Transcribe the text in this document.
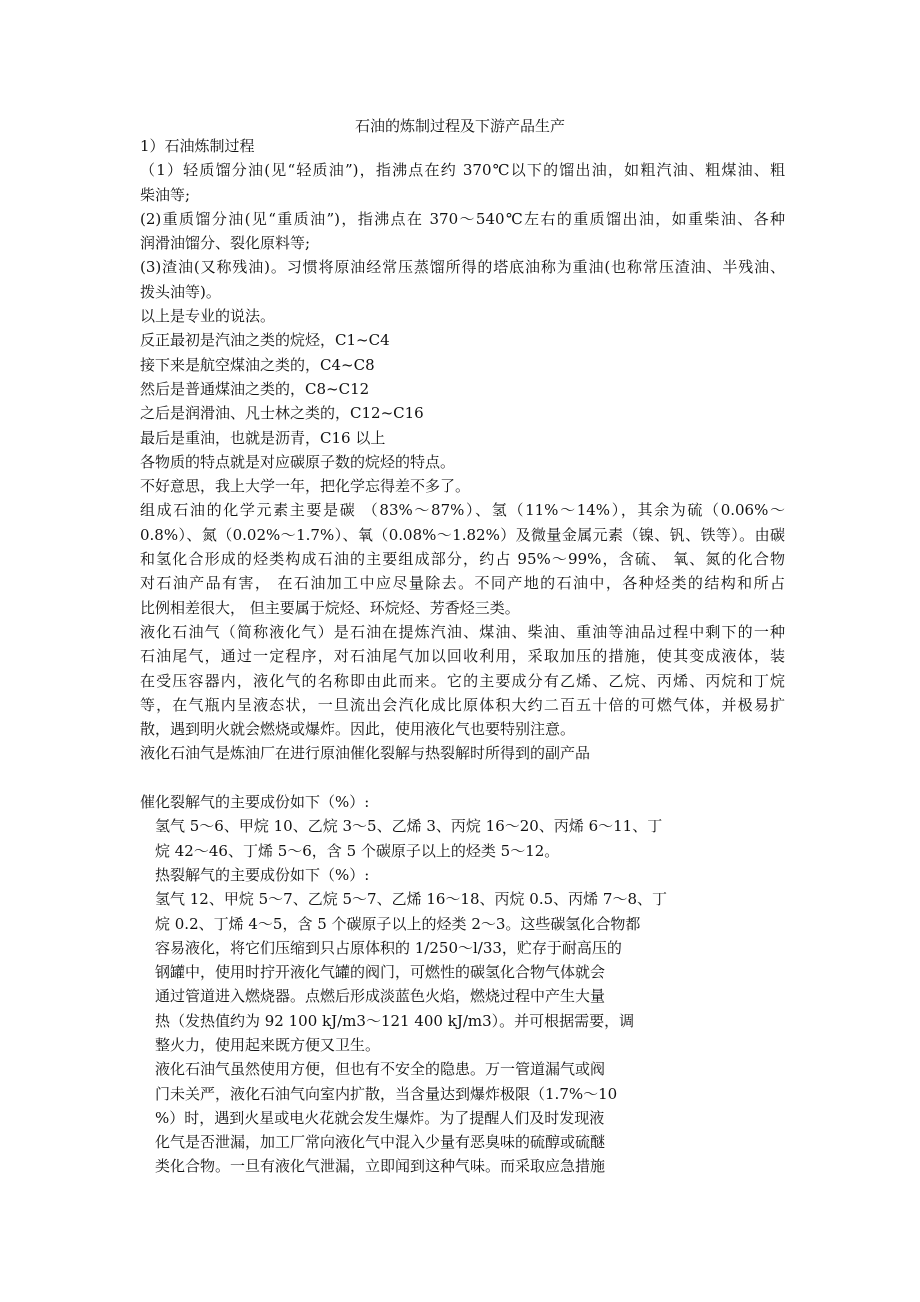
石油的炼制过程及下游产品生产
1）石油炼制过程
（1）轻质馏分油(见“轻质油”)，指沸点在约 370℃以下的馏出油，如粗汽油、粗煤油、粗
柴油等;
(2)重质馏分油(见“重质油”)，指沸点在 370～540℃左右的重质馏出油，如重柴油、各种
润滑油馏分、裂化原料等;
(3)渣油(又称残油)。习惯将原油经常压蒸馏所得的塔底油称为重油(也称常压渣油、半残油、
拨头油等)。
以上是专业的说法。
反正最初是汽油之类的烷烃，C1~C4
接下来是航空煤油之类的，C4~C8
然后是普通煤油之类的，C8~C12
之后是润滑油、凡士林之类的，C12~C16
最后是重油，也就是沥青，C16 以上
各物质的特点就是对应碳原子数的烷烃的特点。
不好意思，我上大学一年，把化学忘得差不多了。
组成石油的化学元素主要是碳 （83%～87%）、氢（11%～14%），其余为硫（0.06%～
0.8%）、氮（0.02%～1.7%）、氧（0.08%～1.82%）及微量金属元素（镍、钒、铁等）。由碳
和氢化合形成的烃类构成石油的主要组成部分，约占 95%～99%，含硫、 氧、氮的化合物
对石油产品有害， 在石油加工中应尽量除去。不同产地的石油中，各种烃类的结构和所占
比例相差很大， 但主要属于烷烃、环烷烃、芳香烃三类。
液化石油气（简称液化气）是石油在提炼汽油、煤油、柴油、重油等油品过程中剩下的一种
石油尾气，通过一定程序，对石油尾气加以回收利用，采取加压的措施，使其变成液体，装
在受压容器内，液化气的名称即由此而来。它的主要成分有乙烯、乙烷、丙烯、丙烷和丁烷
等，在气瓶内呈液态状，一旦流出会汽化成比原体积大约二百五十倍的可燃气体，并极易扩
散，遇到明火就会燃烧或爆炸。因此，使用液化气也要特别注意。
液化石油气是炼油厂在进行原油催化裂解与热裂解时所得到的副产品
催化裂解气的主要成份如下（%）:
氢气 5～6、甲烷 10、乙烷 3～5、乙烯 3、丙烷 16～20、丙烯 6～11、丁
烷 42～46、丁烯 5～6，含 5 个碳原子以上的烃类 5～12。
热裂解气的主要成份如下（%）:
氢气 12、甲烷 5～7、乙烷 5～7、乙烯 16～18、丙烷 0.5、丙烯 7～8、丁
烷 0.2、丁烯 4～5，含 5 个碳原子以上的烃类 2～3。这些碳氢化合物都
容易液化，将它们压缩到只占原体积的 1/250～l/33，贮存于耐高压的
钢罐中，使用时拧开液化气罐的阀门，可燃性的碳氢化合物气体就会
通过管道进入燃烧器。点燃后形成淡蓝色火焰，燃烧过程中产生大量
热（发热值约为 92 100 kJ/m3～121 400 kJ/m3）。并可根据需要，调
整火力，使用起来既方便又卫生。
液化石油气虽然使用方便，但也有不安全的隐患。万一管道漏气或阀
门未关严，液化石油气向室内扩散，当含量达到爆炸极限（1.7%～10
%）时，遇到火星或电火花就会发生爆炸。为了提醒人们及时发现液
化气是否泄漏，加工厂常向液化气中混入少量有恶臭味的硫醇或硫醚
类化合物。一旦有液化气泄漏，立即闻到这种气味。而采取应急措施
